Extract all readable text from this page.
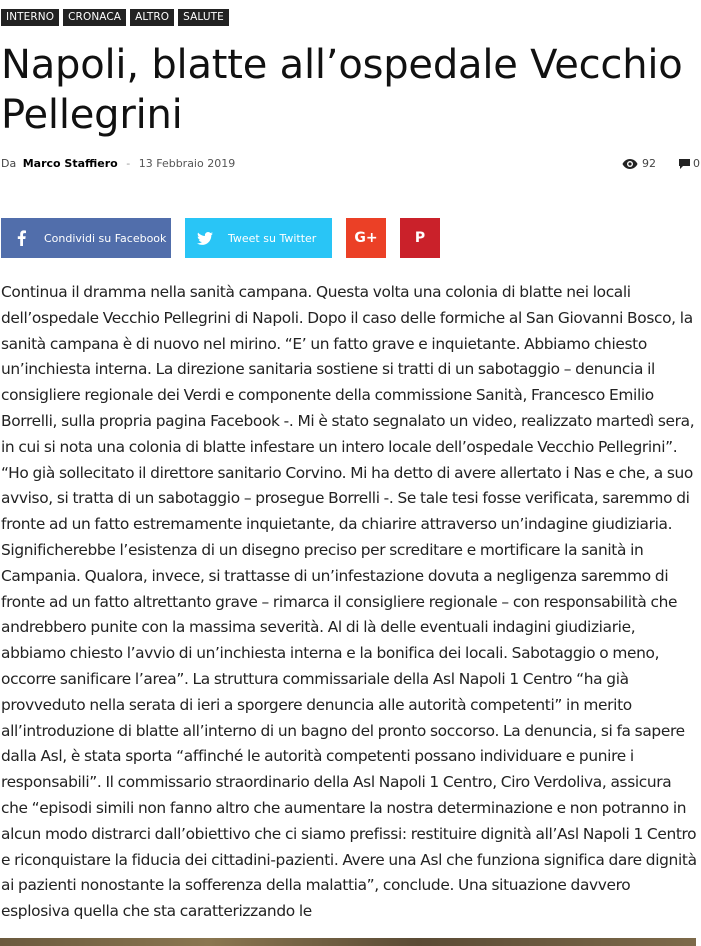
INTERNO	CRONACA	ALTRO	SALUTE
Napoli, blatte all’ospedale Vecchio Pellegrini
Da Marco Staffiero - 13 Febbraio 2019	92	0
Condividi su Facebook	Tweet su Twitter	G+	P

Continua il dramma nella sanità campana. Questa volta una colonia di blatte nei locali dell’ospedale Vecchio Pellegrini di Napoli. Dopo il caso delle formiche al San Giovanni Bosco, la sanità campana è di nuovo nel mirino. “E’ un fatto grave e inquietante. Abbiamo chiesto un’inchiesta interna. La direzione sanitaria sostiene si tratti di un sabotaggio – denuncia il consigliere regionale dei Verdi e componente della commissione Sanità, Francesco Emilio Borrelli, sulla propria pagina Facebook -. Mi è stato segnalato un video, realizzato martedì sera, in cui si nota una colonia di blatte infestare un intero locale dell’ospedale Vecchio Pellegrini”. “Ho già sollecitato il direttore sanitario Corvino. Mi ha detto di avere allertato i Nas e che, a suo avviso, si tratta di un sabotaggio – prosegue Borrelli -. Se tale tesi fosse verificata, saremmo di fronte ad un fatto estremamente inquietante, da chiarire attraverso un’indagine giudiziaria. Significherebbe l’esistenza di un disegno preciso per screditare e mortificare la sanità in Campania. Qualora, invece, si trattasse di un’infestazione dovuta a negligenza saremmo di fronte ad un fatto altrettanto grave – rimarca il consigliere regionale – con responsabilità che andrebbero punite con la massima severità. Al di là delle eventuali indagini giudiziarie, abbiamo chiesto l’avvio di un’inchiesta interna e la bonifica dei locali. Sabotaggio o meno, occorre sanificare l’area”. La struttura commissariale della Asl Napoli 1 Centro “ha già provveduto nella serata di ieri a sporgere denuncia alle autorità competenti” in merito all’introduzione di blatte all’interno di un bagno del pronto soccorso. La denuncia, si fa sapere dalla Asl, è stata sporta “affinché le autorità competenti possano individuare e punire i responsabili”. Il commissario straordinario della Asl Napoli 1 Centro, Ciro Verdoliva, assicura che “episodi simili non fanno altro che aumentare la nostra determinazione e non potranno in alcun modo distrarci dall’obiettivo che ci siamo prefissi: restituire dignità all’Asl Napoli 1 Centro e riconquistare la fiducia dei cittadini-pazienti. Avere una Asl che funziona significa dare dignità ai pazienti nonostante la sofferenza della malattia”, conclude. Una situazione davvero esplosiva quella che sta caratterizzando le
